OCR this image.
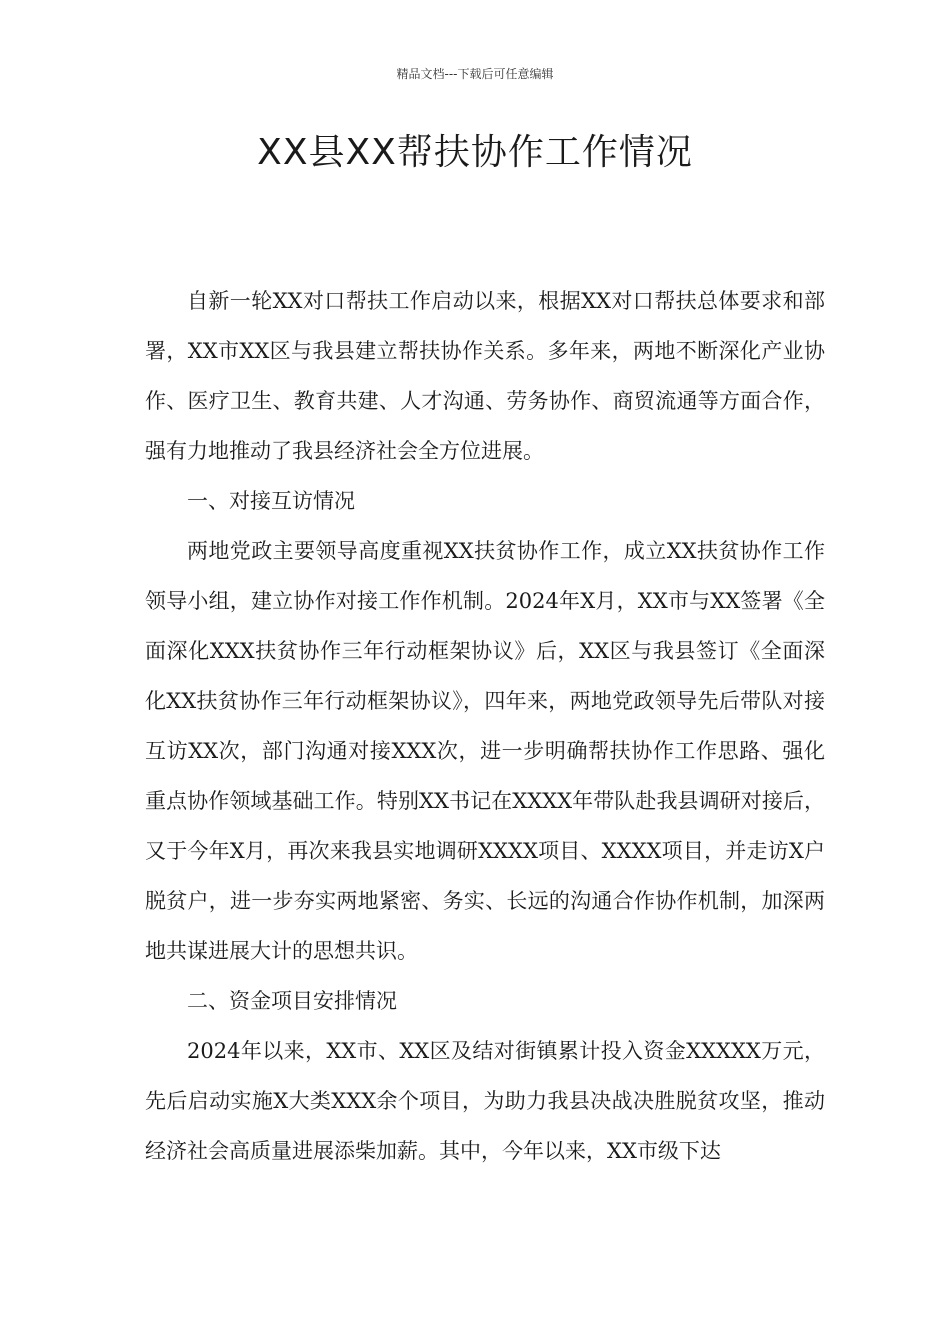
精品文档---下载后可任意编辑
XX县XX帮扶协作工作情况

自新一轮XX对口帮扶工作启动以来，根据XX对口帮扶总体要求和部署，XX市XX区与我县建立帮扶协作关系。多年来，两地不断深化产业协作、医疗卫生、教育共建、人才沟通、劳务协作、商贸流通等方面合作，强有力地推动了我县经济社会全方位进展。

一、对接互访情况

两地党政主要领导高度重视XX扶贫协作工作，成立XX扶贫协作工作领导小组，建立协作对接工作作机制。2024年X月，XX市与XX签署《全面深化XXX扶贫协作三年行动框架协议》后，XX区与我县签订《全面深化XX扶贫协作三年行动框架协议》，四年来，两地党政领导先后带队对接互访XX次，部门沟通对接XXX次，进一步明确帮扶协作工作思路、强化重点协作领域基础工作。特别XX书记在XXXX年带队赴我县调研对接后，又于今年X月，再次来我县实地调研XXXX项目、XXXX项目，并走访X户脱贫户，进一步夯实两地紧密、务实、长远的沟通合作协作机制，加深两地共谋进展大计的思想共识。

二、资金项目安排情况

2024年以来，XX市、XX区及结对街镇累计投入资金XXXXX万元，先后启动实施X大类XXX余个项目，为助力我县决战决胜脱贫攻坚，推动经济社会高质量进展添柴加薪。其中，今年以来，XX市级下达
